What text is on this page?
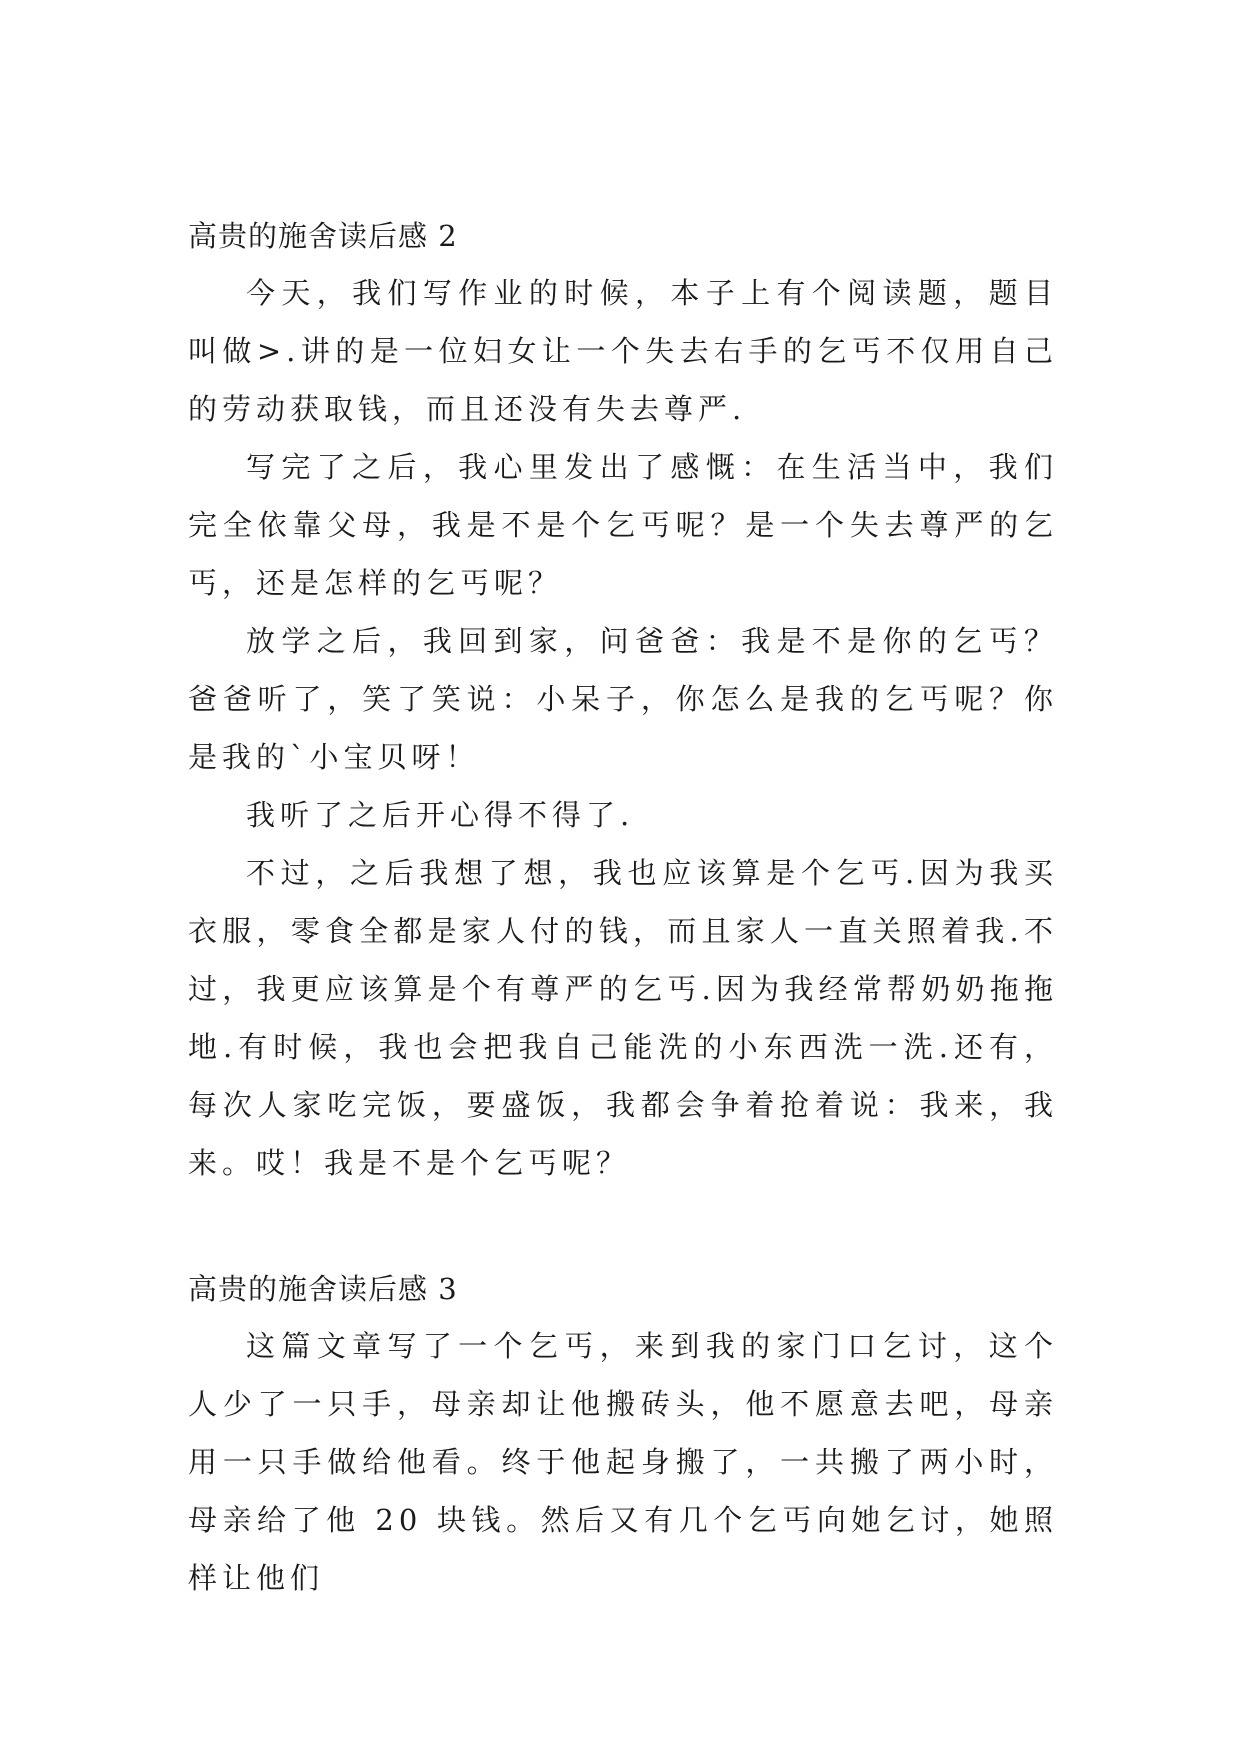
高贵的施舍读后感 2

今天，我们写作业的时候，本子上有个阅读题，题目叫做>.讲的是一位妇女让一个失去右手的乞丐不仅用自己的劳动获取钱，而且还没有失去尊严.

写完了之后，我心里发出了感慨：在生活当中，我们完全依靠父母，我是不是个乞丐呢？是一个失去尊严的乞丐，还是怎样的乞丐呢？

放学之后，我回到家，问爸爸：我是不是你的乞丐？爸爸听了，笑了笑说：小呆子，你怎么是我的乞丐呢？你是我的`小宝贝呀！

我听了之后开心得不得了.

不过，之后我想了想，我也应该算是个乞丐.因为我买衣服，零食全都是家人付的钱，而且家人一直关照着我.不过，我更应该算是个有尊严的乞丐.因为我经常帮奶奶拖拖地.有时候，我也会把我自己能洗的小东西洗一洗.还有，每次人家吃完饭，要盛饭，我都会争着抢着说：我来，我来。哎！我是不是个乞丐呢？

高贵的施舍读后感 3

这篇文章写了一个乞丐，来到我的家门口乞讨，这个人少了一只手，母亲却让他搬砖头，他不愿意去吧，母亲用一只手做给他看。终于他起身搬了，一共搬了两小时，母亲给了他 20 块钱。然后又有几个乞丐向她乞讨，她照样让他们
